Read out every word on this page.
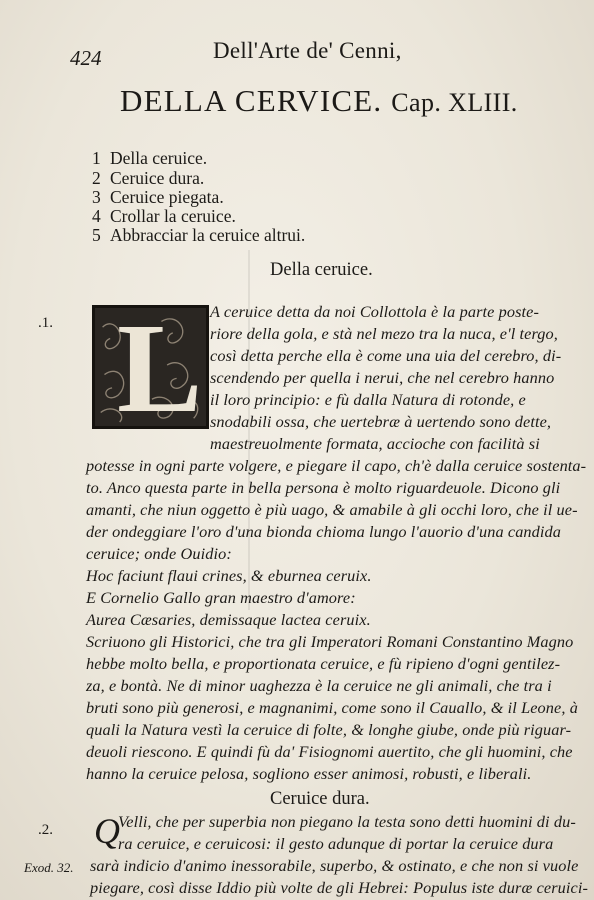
424	Dell'Arte de' Cenni,
DELLA CERVICE. Cap. XLIII.
1 Della ceruice.
2 Ceruice dura.
3 Ceruice piegata.
4 Crollar la ceruice.
5 Abbracciar la ceruice altrui.
Della ceruice.
.1. L A ceruice detta da noi Collottola è la parte poste-
riore della gola, e stà nel mezo tra la nuca, e'l tergo,
così detta perche ella è come una uia del cerebro, di-
scendendo per quella i nerui, che nel cerebro hanno
il loro principio: e fù dalla Natura di rotonde, e
snodabili ossa, che uertebræ à uertendo sono dette,
maestreuolmente formata, accioche con facilità si
potesse in ogni parte volgere, e piegare il capo, ch'è dalla ceruice sostenta-
to. Anco questa parte in bella persona è molto riguardeuole. Dicono gli
amanti, che niun oggetto è più uago, & amabile à gli occhi loro, che il ue-
der ondeggiare l'oro d'una bionda chioma lungo l'auorio d'una candida
ceruice; onde Ouidio:
Hoc faciunt flaui crines, & eburnea ceruix.
E Cornelio Gallo gran maestro d'amore:
Aurea Cæsaries, demissaque lactea ceruix.
Scriuono gli Historici, che tra gli Imperatori Romani Constantino Magno
hebbe molto bella, e proportionata ceruice, e fù ripieno d'ogni gentilez-
za, e bontà. Ne di minor uaghezza è la ceruice ne gli animali, che tra i
bruti sono più generosi, e magnanimi, come sono il Cauallo, & il Leone, à
quali la Natura vestì la ceruice di folte, & longhe giube, onde più riguar-
deuoli riescono. E quindi fù da' Fisiognomi auertito, che gli huomini, che
hanno la ceruice pelosa, sogliono esser animosi, robusti, e liberali.
Ceruice dura.
.2.
Exod. 32.
Q
Velli, che per superbia non piegano la testa sono detti huomini di du-
ra ceruice, e ceruicosi: il gesto adunque di portar la ceruice dura
sarà indicio d'animo inessorabile, superbo, & ostinato, e che non si vuole
piegare, così disse Iddio più volte de gli Hebrei: Populus iste duræ ceruici-
